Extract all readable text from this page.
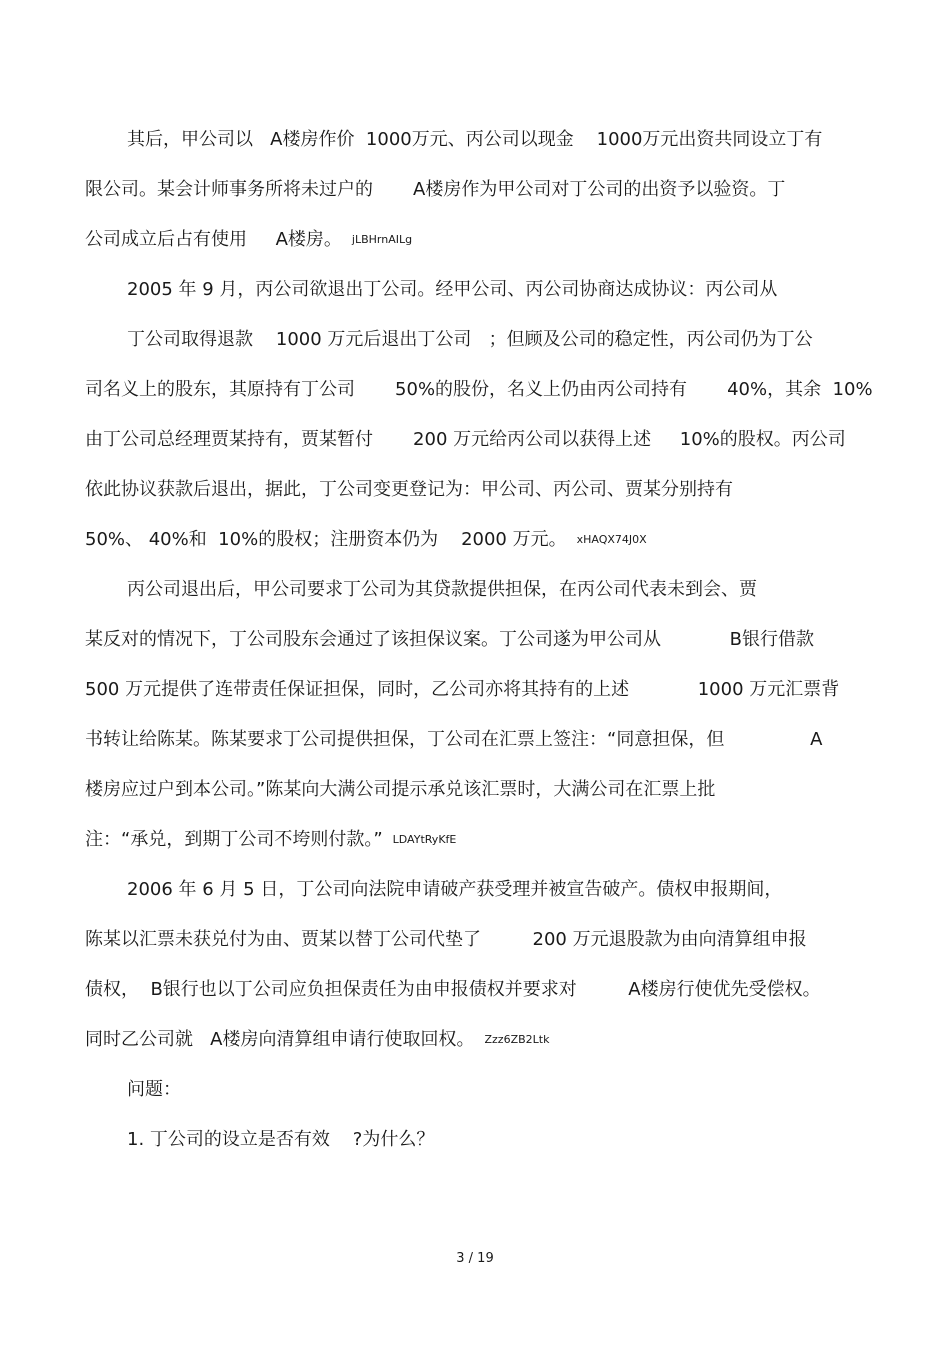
其后，甲公司以   A楼房作价  1000万元、丙公司以现金    1000万元出资共同设立丁有
限公司。某会计师事务所将未过户的       A楼房作为甲公司对丁公司的出资予以验资。丁
公司成立后占有使用     A楼房。 jLBHrnAILg
2005 年 9 月，丙公司欲退出丁公司。经甲公司、丙公司协商达成协议：丙公司从
丁公司取得退款    1000 万元后退出丁公司   ；但顾及公司的稳定性，丙公司仍为丁公
司名义上的股东，其原持有丁公司       50%的股份，名义上仍由丙公司持有       40%，其余  10%
由丁公司总经理贾某持有，贾某暂付       200 万元给丙公司以获得上述     10%的股权。丙公司
依此协议获款后退出，据此，丁公司变更登记为：甲公司、丙公司、贾某分别持有
50%、 40%和  10%的股权；注册资本仍为    2000 万元。 xHAQX74J0X
丙公司退出后，甲公司要求丁公司为其贷款提供担保，在丙公司代表未到会、贾
某反对的情况下，丁公司股东会通过了该担保议案。丁公司遂为甲公司从            B银行借款
500 万元提供了连带责任保证担保，同时，乙公司亦将其持有的上述            1000 万元汇票背
书转让给陈某。陈某要求丁公司提供担保，丁公司在汇票上签注：“同意担保，但               A
楼房应过户到本公司。”陈某向大满公司提示承兑该汇票时，大满公司在汇票上批
注：“承兑，到期丁公司不垮则付款。” LDAYtRyKfE
2006 年 6 月 5 日，丁公司向法院申请破产获受理并被宣告破产。债权申报期间，
陈某以汇票未获兑付为由、贾某以替丁公司代垫了         200 万元退股款为由向清算组申报
债权，  B银行也以丁公司应负担保责任为由申报债权并要求对         A楼房行使优先受偿权。
同时乙公司就   A楼房向清算组申请行使取回权。 Zzz6ZB2Ltk
问题：
1. 丁公司的设立是否有效    ?为什么？
3 / 19
